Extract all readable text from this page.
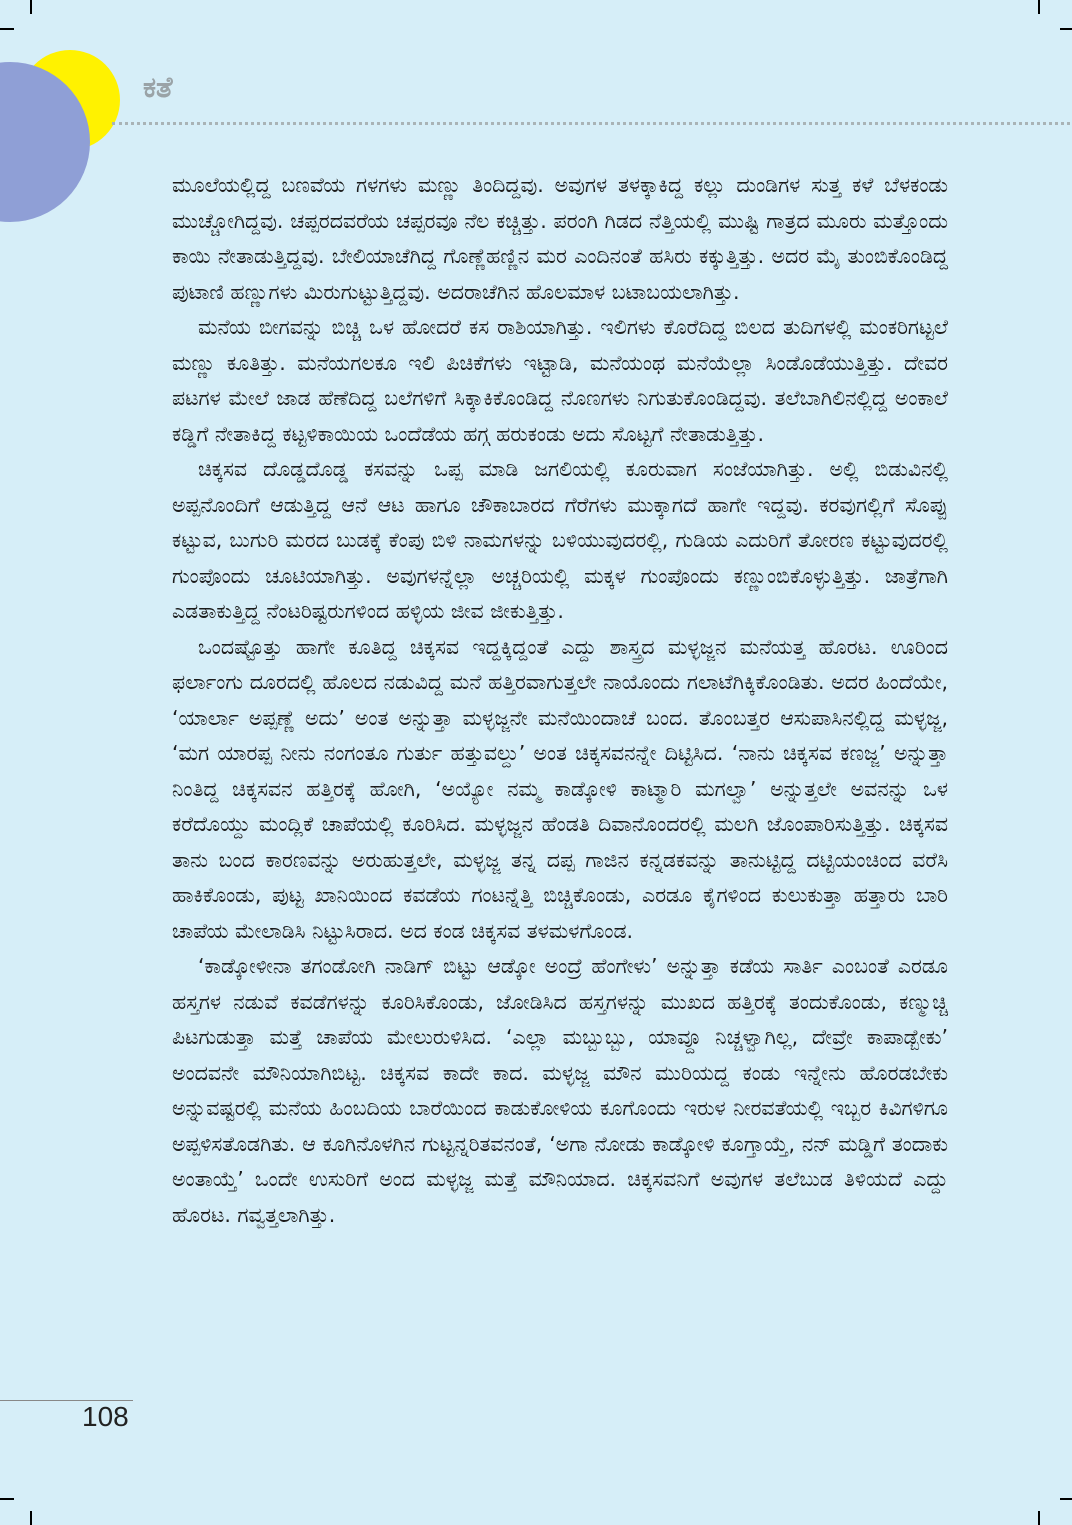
ಕತೆ

ಮೂಲೆಯಲ್ಲಿದ್ದ ಬಣವೆಯ ಗಳಗಳು ಮಣ್ಣು ತಿಂದಿದ್ದವು. ಅವುಗಳ ತಳಕ್ಕಾಕಿದ್ದ ಕಲ್ಲು ದುಂಡಿಗಳ ಸುತ್ತ ಕಳೆ ಬೆಳಕಂಡು ಮುಚ್ಚೋಗಿದ್ದವು. ಚಪ್ಪರದವರೆಯ ಚಪ್ಪರವೂ ನೆಲ ಕಚ್ಚಿತ್ತು. ಪರಂಗಿ ಗಿಡದ ನೆತ್ತಿಯಲ್ಲಿ ಮುಷ್ಟಿ ಗಾತ್ರದ ಮೂರು ಮತ್ತೊಂದು ಕಾಯಿ ನೇತಾಡುತ್ತಿದ್ದವು. ಬೇಲಿಯಾಚೆಗಿದ್ದ ಗೊಣ್ಣೆಹಣ್ಣಿನ ಮರ ಎಂದಿನಂತೆ ಹಸಿರು ಕಕ್ಕುತ್ತಿತ್ತು. ಅದರ ಮೈ ತುಂಬಿಕೊಂಡಿದ್ದ ಪುಟಾಣಿ ಹಣ್ಣುಗಳು ಮಿರುಗುಟ್ಟುತ್ತಿದ್ದವು. ಅದರಾಚೆಗಿನ ಹೊಲಮಾಳ ಬಟಾಬಯಲಾಗಿತ್ತು.

ಮನೆಯ ಬೀಗವನ್ನು ಬಿಚ್ಚಿ ಒಳ ಹೋದರೆ ಕಸ ರಾಶಿಯಾಗಿತ್ತು. ಇಲಿಗಳು ಕೊರೆದಿದ್ದ ಬಿಲದ ತುದಿಗಳಲ್ಲಿ ಮಂಕರಿಗಟ್ಟಲೆ ಮಣ್ಣು ಕೂತಿತ್ತು. ಮನೆಯಗಲಕೂ ಇಲಿ ಪಿಚಿಕೆಗಳು ಇಟ್ಟಾಡಿ, ಮನೆಯಂಥ ಮನೆಯೆಲ್ಲಾ ಸಿಂಡೊಡೆಯುತ್ತಿತ್ತು. ದೇವರ ಪಟಗಳ ಮೇಲೆ ಜಾಡ ಹೆಣೆದಿದ್ದ ಬಲೆಗಳಿಗೆ ಸಿಕ್ಕಾಕಿಕೊಂಡಿದ್ದ ನೊಣಗಳು ನಿಗುತುಕೊಂಡಿದ್ದವು. ತಲೆಬಾಗಿಲಿನಲ್ಲಿದ್ದ ಅಂಕಾಲೆ ಕಡ್ಡಿಗೆ ನೇತಾಕಿದ್ದ ಕಟ್ಟಳಿಕಾಯಿಯ ಒಂದೆಡೆಯ ಹಗ್ಗ ಹರುಕಂಡು ಅದು ಸೊಟ್ಟಗೆ ನೇತಾಡುತ್ತಿತ್ತು.

ಚಿಕ್ಕಸವ ದೊಡ್ಡದೊಡ್ಡ ಕಸವನ್ನು ಒಪ್ಪ ಮಾಡಿ ಜಗಲಿಯಲ್ಲಿ ಕೂರುವಾಗ ಸಂಜೆಯಾಗಿತ್ತು. ಅಲ್ಲಿ ಬಿಡುವಿನಲ್ಲಿ ಅಪ್ಪನೊಂದಿಗೆ ಆಡುತ್ತಿದ್ದ ಆನೆ ಆಟ ಹಾಗೂ ಚೌಕಾಬಾರದ ಗೆರೆಗಳು ಮುಕ್ಕಾಗದೆ ಹಾಗೇ ಇದ್ದವು. ಕರವುಗಲ್ಲಿಗೆ ಸೊಪ್ಪು ಕಟ್ಟುವ, ಬುಗುರಿ ಮರದ ಬುಡಕ್ಕೆ ಕೆಂಪು ಬಿಳಿ ನಾಮಗಳನ್ನು ಬಳಿಯುವುದರಲ್ಲಿ, ಗುಡಿಯ ಎದುರಿಗೆ ತೋರಣ ಕಟ್ಟುವುದರಲ್ಲಿ ಗುಂಪೊಂದು ಚೂಟಿಯಾಗಿತ್ತು. ಅವುಗಳನ್ನೆಲ್ಲಾ ಅಚ್ಚರಿಯಲ್ಲಿ ಮಕ್ಕಳ ಗುಂಪೊಂದು ಕಣ್ಣುಂಬಿಕೊಳ್ಳುತ್ತಿತ್ತು. ಜಾತ್ರೆಗಾಗಿ ಎಡತಾಕುತ್ತಿದ್ದ ನೆಂಟರಿಷ್ಟರುಗಳಿಂದ ಹಳ್ಳಿಯ ಜೀವ ಜೀಕುತ್ತಿತ್ತು.

ಒಂದಷ್ಟೊತ್ತು ಹಾಗೇ ಕೂತಿದ್ದ ಚಿಕ್ಕಸವ ಇದ್ದಕ್ಕಿದ್ದಂತೆ ಎದ್ದು ಶಾಸ್ತ್ರದ ಮಳ್ಳಜ್ಜನ ಮನೆಯತ್ತ ಹೊರಟ. ಊರಿಂದ ಫರ್ಲಾಂಗು ದೂರದಲ್ಲಿ ಹೊಲದ ನಡುವಿದ್ದ ಮನೆ ಹತ್ತಿರವಾಗುತ್ತಲೇ ನಾಯೊಂದು ಗಲಾಟೆಗಿಕ್ಕಿಕೊಂಡಿತು. ಅದರ ಹಿಂದೆಯೇ, ‘ಯಾರ್ಲಾ ಅಪ್ಪಣ್ಣೆ ಅದು’ ಅಂತ ಅನ್ನುತ್ತಾ ಮಳ್ಳಜ್ಜನೇ ಮನೆಯಿಂದಾಚೆ ಬಂದ. ತೊಂಬತ್ತರ ಆಸುಪಾಸಿನಲ್ಲಿದ್ದ ಮಳ್ಳಜ್ಜ, ‘ಮಗ ಯಾರಪ್ಪ ನೀನು ನಂಗಂತೂ ಗುರ್ತು ಹತ್ತುವಲ್ದು’ ಅಂತ ಚಿಕ್ಕಸವನನ್ನೇ ದಿಟ್ಟಿಸಿದ. ‘ನಾನು ಚಿಕ್ಕಸವ ಕಣಜ್ಜ’ ಅನ್ನುತ್ತಾ ನಿಂತಿದ್ದ ಚಿಕ್ಕಸವನ ಹತ್ತಿರಕ್ಕೆ ಹೋಗಿ, ‘ಅಯ್ಯೋ ನಮ್ಮ ಕಾಡ್ಕೋಳಿ ಕಾಟ್ಮಾರಿ ಮಗಲ್ವಾ’ ಅನ್ನುತ್ತಲೇ ಅವನನ್ನು ಒಳ ಕರೆದೊಯ್ದು ಮಂದ್ಲಿಕೆ ಚಾಪೆಯಲ್ಲಿ ಕೂರಿಸಿದ. ಮಳ್ಳಜ್ಜನ ಹೆಂಡತಿ ದಿವಾನೊಂದರಲ್ಲಿ ಮಲಗಿ ಜೊಂಪಾರಿಸುತ್ತಿತ್ತು. ಚಿಕ್ಕಸವ ತಾನು ಬಂದ ಕಾರಣವನ್ನು ಅರುಹುತ್ತಲೇ, ಮಳ್ಳಜ್ಜ ತನ್ನ ದಪ್ಪ ಗಾಜಿನ ಕನ್ನಡಕವನ್ನು ತಾನುಟ್ಟಿದ್ದ ದಟ್ಟಿಯಂಚಿಂದ ವರೆಸಿ ಹಾಕಿಕೊಂಡು, ಪುಟ್ಟ ಖಾನಿಯಿಂದ ಕವಡೆಯ ಗಂಟನ್ನೆತ್ತಿ ಬಿಚ್ಚಿಕೊಂಡು, ಎರಡೂ ಕೈಗಳಿಂದ ಕುಲುಕುತ್ತಾ ಹತ್ತಾರು ಬಾರಿ ಚಾಪೆಯ ಮೇಲಾಡಿಸಿ ನಿಟ್ಟುಸಿರಾದ. ಅದ ಕಂಡ ಚಿಕ್ಕಸವ ತಳಮಳಗೊಂಡ.

‘ಕಾಡ್ಕೋಳೀನಾ ತಗಂಡೋಗಿ ನಾಡಿಗ್ ಬಿಟ್ಟು ಆಡ್ಕೋ ಅಂದ್ರೆ ಹೆಂಗೇಳು’ ಅನ್ನುತ್ತಾ ಕಡೆಯ ಸಾರ್ತಿ ಎಂಬಂತೆ ಎರಡೂ ಹಸ್ತಗಳ ನಡುವೆ ಕವಡೆಗಳನ್ನು ಕೂರಿಸಿಕೊಂಡು, ಜೋಡಿಸಿದ ಹಸ್ತಗಳನ್ನು ಮುಖದ ಹತ್ತಿರಕ್ಕೆ ತಂದುಕೊಂಡು, ಕಣ್ಮುಚ್ಚಿ ಪಿಟಗುಡುತ್ತಾ ಮತ್ತೆ ಚಾಪೆಯ ಮೇಲುರುಳಿಸಿದ. ‘ಎಲ್ಲಾ ಮಬ್ಬುಬ್ಬು, ಯಾವ್ದೂ ನಿಚ್ಚಳ್ವಾಗಿಲ್ಲ, ದೇವ್ರೇ ಕಾಪಾಡ್ಬೇಕು’ ಅಂದವನೇ ಮೌನಿಯಾಗಿಬಿಟ್ಟ. ಚಿಕ್ಕಸವ ಕಾದೇ ಕಾದ. ಮಳ್ಳಜ್ಜ ಮೌನ ಮುರಿಯದ್ದ ಕಂಡು ಇನ್ನೇನು ಹೊರಡಬೇಕು ಅನ್ನುವಷ್ಟರಲ್ಲಿ ಮನೆಯ ಹಿಂಬದಿಯ ಬಾರೆಯಿಂದ ಕಾಡುಕೋಳಿಯ ಕೂಗೊಂದು ಇರುಳ ನೀರವತೆಯಲ್ಲಿ ಇಬ್ಬರ ಕಿವಿಗಳಿಗೂ ಅಪ್ಪಳಿಸತೊಡಗಿತು. ಆ ಕೂಗಿನೊಳಗಿನ ಗುಟ್ಟನ್ನರಿತವನಂತೆ, ‘ಅಗಾ ನೋಡು ಕಾಡ್ಕೋಳಿ ಕೂಗ್ತಾಯ್ತೆ, ನನ್ ಮಡ್ಡಿಗೆ ತಂದಾಕು ಅಂತಾಯ್ತೆ’ ಒಂದೇ ಉಸುರಿಗೆ ಅಂದ ಮಳ್ಳಜ್ಜ ಮತ್ತೆ ಮೌನಿಯಾದ. ಚಿಕ್ಕಸವನಿಗೆ ಅವುಗಳ ತಲೆಬುಡ ತಿಳಿಯದೆ ಎದ್ದು ಹೊರಟ. ಗವ್ವತ್ತಲಾಗಿತ್ತು.

108
